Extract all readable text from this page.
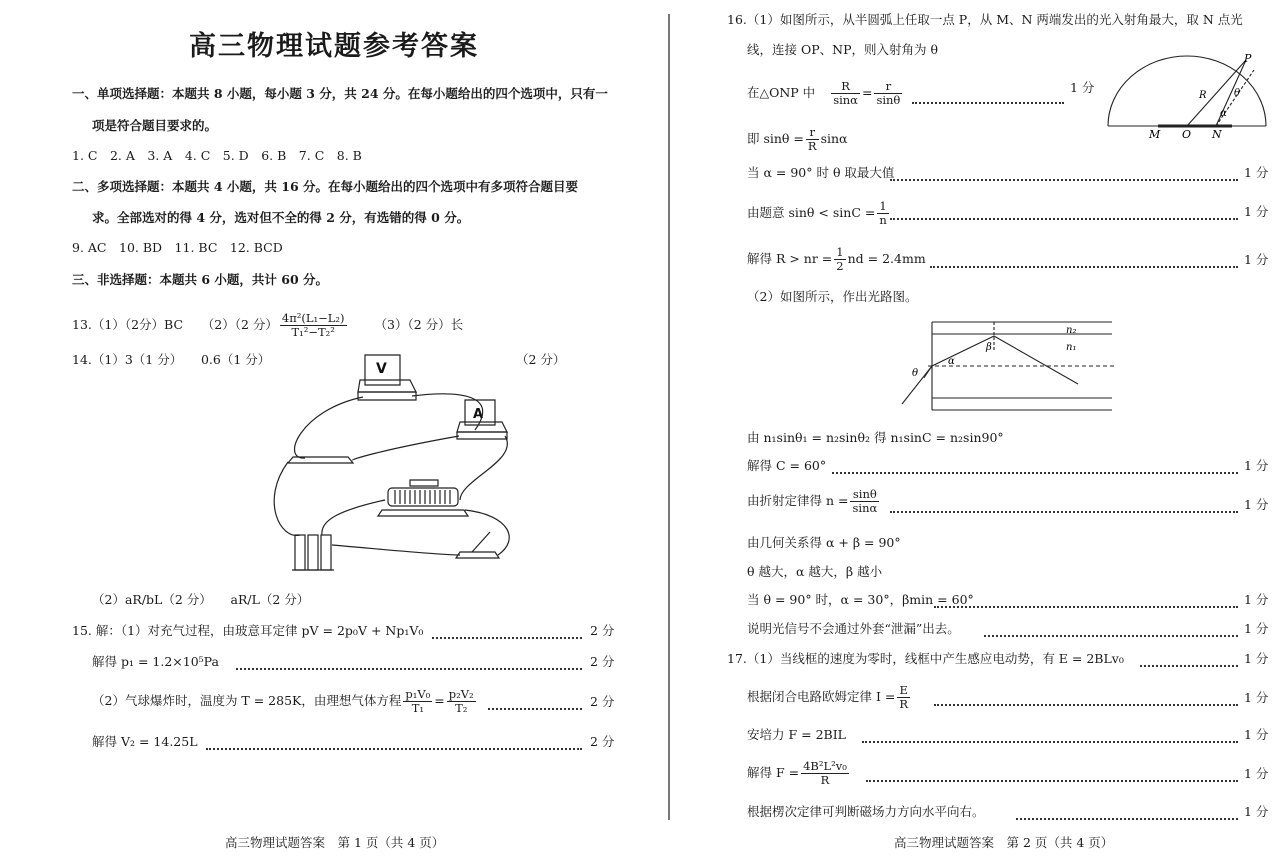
高三物理试题参考答案
一、单项选择题：本题共 8 小题，每小题 3 分，共 24 分。在每小题给出的四个选项中，只有一
项是符合题目要求的。
1. C　2. A　3. A　4. C　5. D　6. B　7. C　8. B
二、多项选择题：本题共 4 小题，共 16 分。在每小题给出的四个选项中有多项符合题目要
求。全部选对的得 4 分，选对但不全的得 2 分，有选错的得 0 分。
9. AC　10. BD　11. BC　12. BCD
三、非选择题：本题共 6 小题，共计 60 分。
13.（1）（2分）BC　　（2）（2 分） $\frac{\text{4π²(L₁−L₂)}}{\text{T₁²−T₂²}} (3)(2$ 分）长
14.（1）3（1 分）　　0.6（1 分）	（2 分）
V
A
（2）aR/bL（2 分）　　aR/L（2 分）
15. 解：（1）对充气过程，由玻意耳定律 pV = 2p₀V + Np₁V₀	2 分
解得 p₁ = 1.2×10⁵Pa	2 分
（2）气球爆炸时，温度为 T = 285K，由理想气体方程 $\frac{\text{p₁V₀}}{\text{T₁}} = \frac{\text{p₂V₂}}{\text{T₂}}$	2 分
解得 V₂ = 14.25L	2 分
高三物理试题答案　第 1 页（共 4 页）
16.（1）如图所示，从半圆弧上任取一点 P，从 M、N 两端发出的光入射角最大，取 N 点光
线，连接 OP、NP，则入射角为 θ
P
R	θ
α
M O N
在△ONP 中 $\frac{R}{\sin\alpha} = \frac{r}{\sin\theta}$	1 分
即 $\sin\theta = \frac{r}{R}$ sinα
当 α = 90° 时 θ 取最大值	1 分
由题意 $\sin\theta < \sin C = \frac{1}{n}$	1 分
解得 R > nr = $\frac{1}{2}$ nd = 2.4mm	1 分
（2）如图所示，作出光路图。
n₂
n₁
β
α
θ
由 n₁sinθ₁ = n₂sinθ₂ 得 n₁sinC = n₂sin90°
解得 C = 60°	1 分
由折射定律得 $n = \frac{\sin\theta}{\sin\alpha}$	1 分
由几何关系得 α + β = 90°
θ 越大，α 越大，β 越小
当 θ = 90° 时，α = 30°，βmin = 60°	1 分
说明光信号不会通过外套“泄漏”出去。	1 分
17.（1）当线框的速度为零时，线框中产生感应电动势，有 E = 2BLv₀	1 分
根据闭合电路欧姆定律 $I = \frac{E}{R}$	1 分
安培力 F = 2BIL	1 分
解得 $F = \frac{\text{4B²L²v₀}}{R}$	1 分
根据楞次定律可判断磁场力方向水平向右。	1 分
高三物理试题答案　第 2 页（共 4 页）
